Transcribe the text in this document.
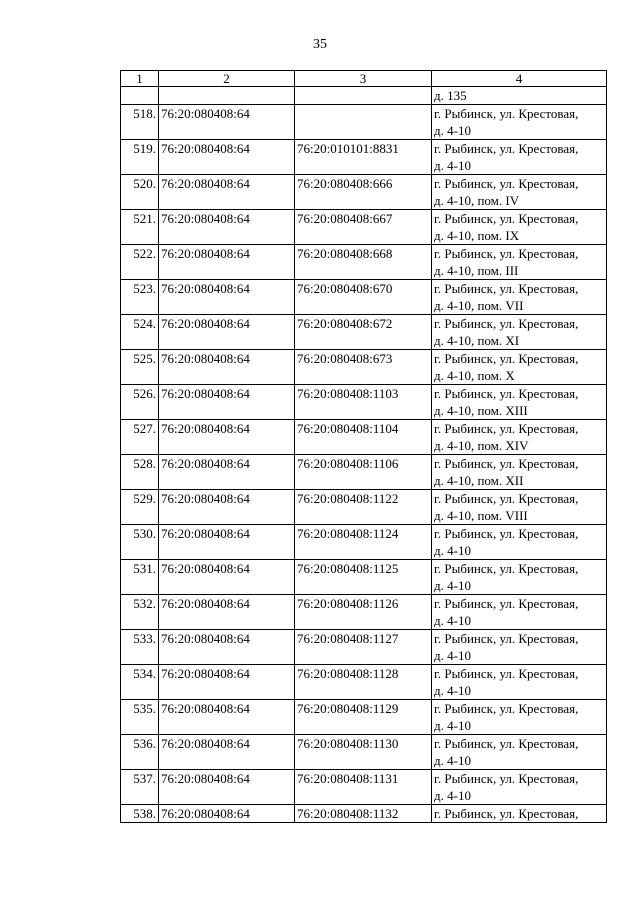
35
1	2	3	4

			д. 135

518.	76:20:080408:64		г. Рыбинск, ул. Крестовая,
д. 4-10

519.	76:20:080408:64	76:20:010101:8831	г. Рыбинск, ул. Крестовая,
д. 4-10

520.	76:20:080408:64	76:20:080408:666	г. Рыбинск, ул. Крестовая,
д. 4-10, пом. IV

521.	76:20:080408:64	76:20:080408:667	г. Рыбинск, ул. Крестовая,
д. 4-10, пом. IX

522.	76:20:080408:64	76:20:080408:668	г. Рыбинск, ул. Крестовая,
д. 4-10, пом. III

523.	76:20:080408:64	76:20:080408:670	г. Рыбинск, ул. Крестовая,
д. 4-10, пом. VII

524.	76:20:080408:64	76:20:080408:672	г. Рыбинск, ул. Крестовая,
д. 4-10, пом. XI

525.	76:20:080408:64	76:20:080408:673	г. Рыбинск, ул. Крестовая,
д. 4-10, пом. X

526.	76:20:080408:64	76:20:080408:1103	г. Рыбинск, ул. Крестовая,
д. 4-10, пом. XIII

527.	76:20:080408:64	76:20:080408:1104	г. Рыбинск, ул. Крестовая,
д. 4-10, пом. XIV

528.	76:20:080408:64	76:20:080408:1106	г. Рыбинск, ул. Крестовая,
д. 4-10, пом. XII

529.	76:20:080408:64	76:20:080408:1122	г. Рыбинск, ул. Крестовая,
д. 4-10, пом. VIII

530.	76:20:080408:64	76:20:080408:1124	г. Рыбинск, ул. Крестовая,
д. 4-10

531.	76:20:080408:64	76:20:080408:1125	г. Рыбинск, ул. Крестовая,
д. 4-10

532.	76:20:080408:64	76:20:080408:1126	г. Рыбинск, ул. Крестовая,
д. 4-10

533.	76:20:080408:64	76:20:080408:1127	г. Рыбинск, ул. Крестовая,
д. 4-10

534.	76:20:080408:64	76:20:080408:1128	г. Рыбинск, ул. Крестовая,
д. 4-10

535.	76:20:080408:64	76:20:080408:1129	г. Рыбинск, ул. Крестовая,
д. 4-10

536.	76:20:080408:64	76:20:080408:1130	г. Рыбинск, ул. Крестовая,
д. 4-10

537.	76:20:080408:64	76:20:080408:1131	г. Рыбинск, ул. Крестовая,
д. 4-10

538.	76:20:080408:64	76:20:080408:1132	г. Рыбинск, ул. Крестовая,
